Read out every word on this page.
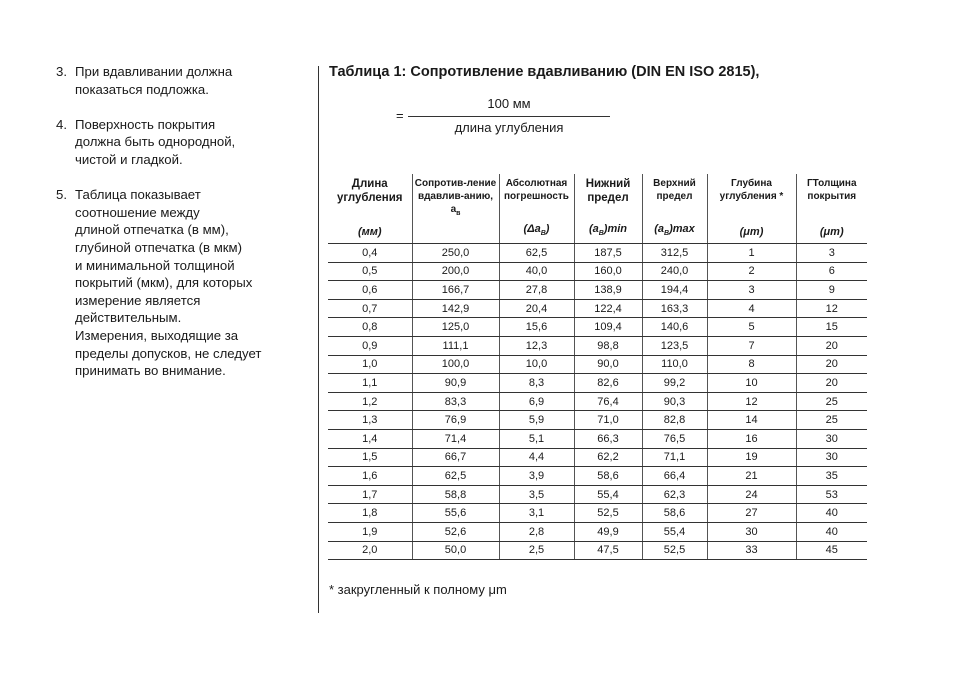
3. При вдавливании должна
показаться подложка.
4. Поверхность покрытия
должна быть однородной,
чистой и гладкой.
5. Таблица показывает
соотношение между
длиной отпечатка (в мм),
глубиной отпечатка (в мкм)
и минимальной толщиной
покрытий (мкм), для которых
измерение является
действительным.
Измерения, выходящие за
пределы допусков, не следует
принимать во внимание.
Таблица 1: Сопротивление вдавливанию (DIN EN ISO 2815),
=
100 мм
длина углубления
Длина углубления	Сопротив-ление вдавлив-анию, $а_в$	Абсолютная погрешность	Нижний предел	Верхний предел	Глубина углубления *	ГТолщина покрытия
(мм)		$(\Delta a_B)$	$(a_B)\min$	$(a_B)\max$	(μm)	(μm)
0,4	250,0	62,5	187,5	312,5	1	3
0,5	200,0	40,0	160,0	240,0	2	6
0,6	166,7	27,8	138,9	194,4	3	9
0,7	142,9	20,4	122,4	163,3	4	12
0,8	125,0	15,6	109,4	140,6	5	15
0,9	111,1	12,3	98,8	123,5	7	20
1,0	100,0	10,0	90,0	110,0	8	20
1,1	90,9	8,3	82,6	99,2	10	20
1,2	83,3	6,9	76,4	90,3	12	25
1,3	76,9	5,9	71,0	82,8	14	25
1,4	71,4	5,1	66,3	76,5	16	30
1,5	66,7	4,4	62,2	71,1	19	30
1,6	62,5	3,9	58,6	66,4	21	35
1,7	58,8	3,5	55,4	62,3	24	53
1,8	55,6	3,1	52,5	58,6	27	40
1,9	52,6	2,8	49,9	55,4	30	40
2,0	50,0	2,5	47,5	52,5	33	45
* закругленный к полному μm
